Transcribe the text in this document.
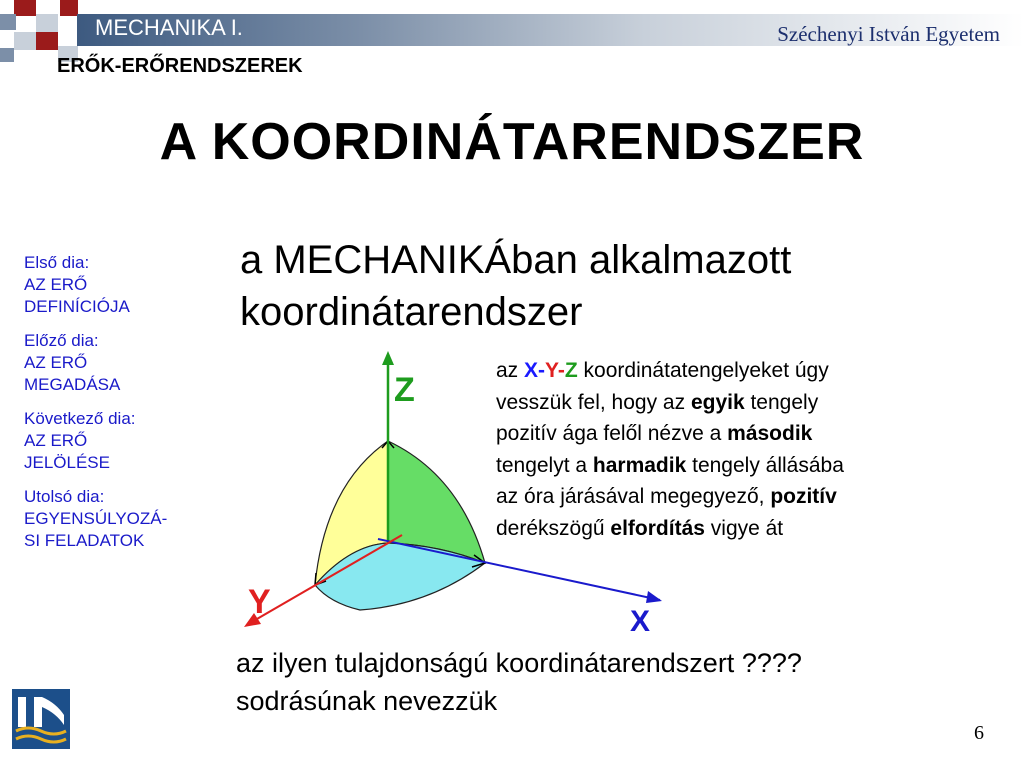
MECHANIKA I.	Széchenyi István Egyetem
ERŐK-ERŐRENDSZEREK
A KOORDINÁTARENDSZER
Első dia:
AZ ERŐ
DEFINÍCIÓJA
Előző dia:
AZ ERŐ
MEGADÁSA
Következő dia:
AZ ERŐ
JELÖLÉSE
Utolsó dia:
EGYENSÚLYOZÁ-
SI FELADATOK
a MECHANIKÁban alkalmazott
koordinátarendszer
Z
Y
X
az X-Y-Z koordinátatengelyeket úgy
vesszük fel, hogy az egyik tengely
pozitív ága felől nézve a második
tengelyt a harmadik tengely állásába
az óra járásával megegyező, pozitív
derékszögű elfordítás vigye át
az ilyen tulajdonságú koordinátarendszert ????
sodrásúnak nevezzük
6
